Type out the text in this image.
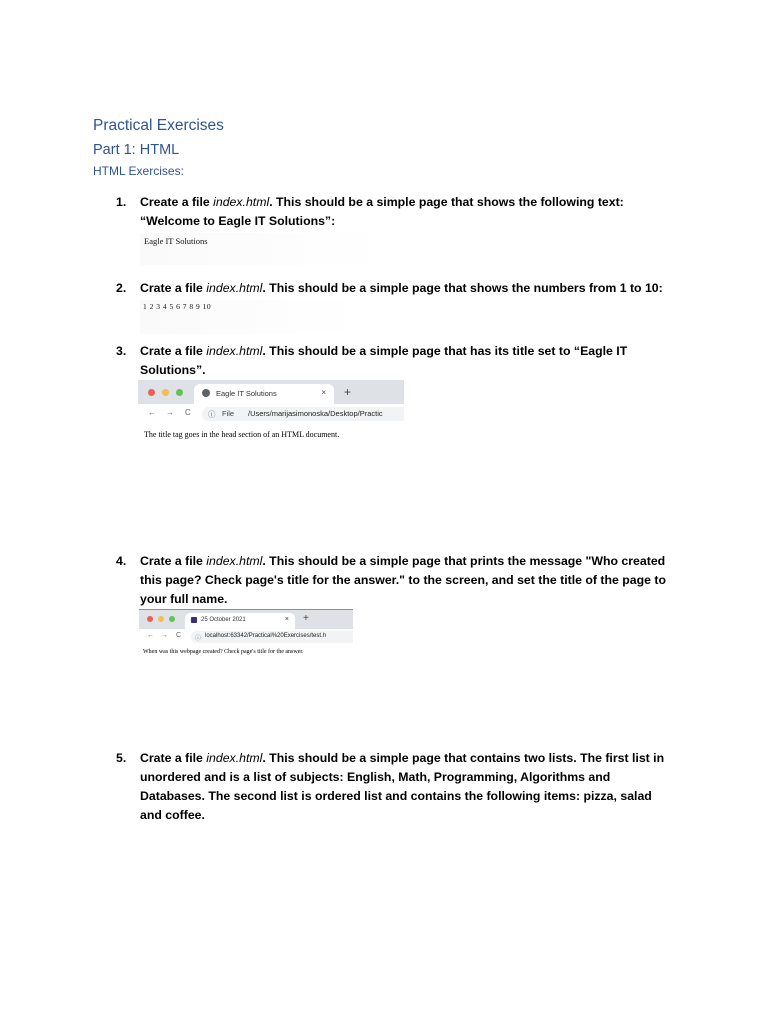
Practical Exercises
Part 1: HTML
HTML Exercises:
1. Create a file index.html. This should be a simple page that shows the following text: “Welcome to Eagle IT Solutions”:
Eagle IT Solutions
2. Crate a file index.html. This should be a simple page that shows the numbers from 1 to 10:
1 2 3 4 5 6 7 8 9 10
3. Crate a file index.html. This should be a simple page that has its title set to “Eagle IT Solutions”.
Eagle IT Solutions	× +
← → C ⓘ File /Users/marijasimonoska/Desktop/Practic
The title tag goes in the head section of an HTML document.
4. Crate a file index.html. This should be a simple page that prints the message "Who created this page? Check page's title for the answer." to the screen, and set the title of the page to your full name.
25 October 2021	× +
← → C ⓘ localhost:63342/Practical%20Exercises/test.h
When was this webpage created? Check page's title for the answer.
5. Crate a file index.html. This should be a simple page that contains two lists. The first list in unordered and is a list of subjects: English, Math, Programming, Algorithms and Databases. The second list is ordered list and contains the following items: pizza, salad and coffee.
